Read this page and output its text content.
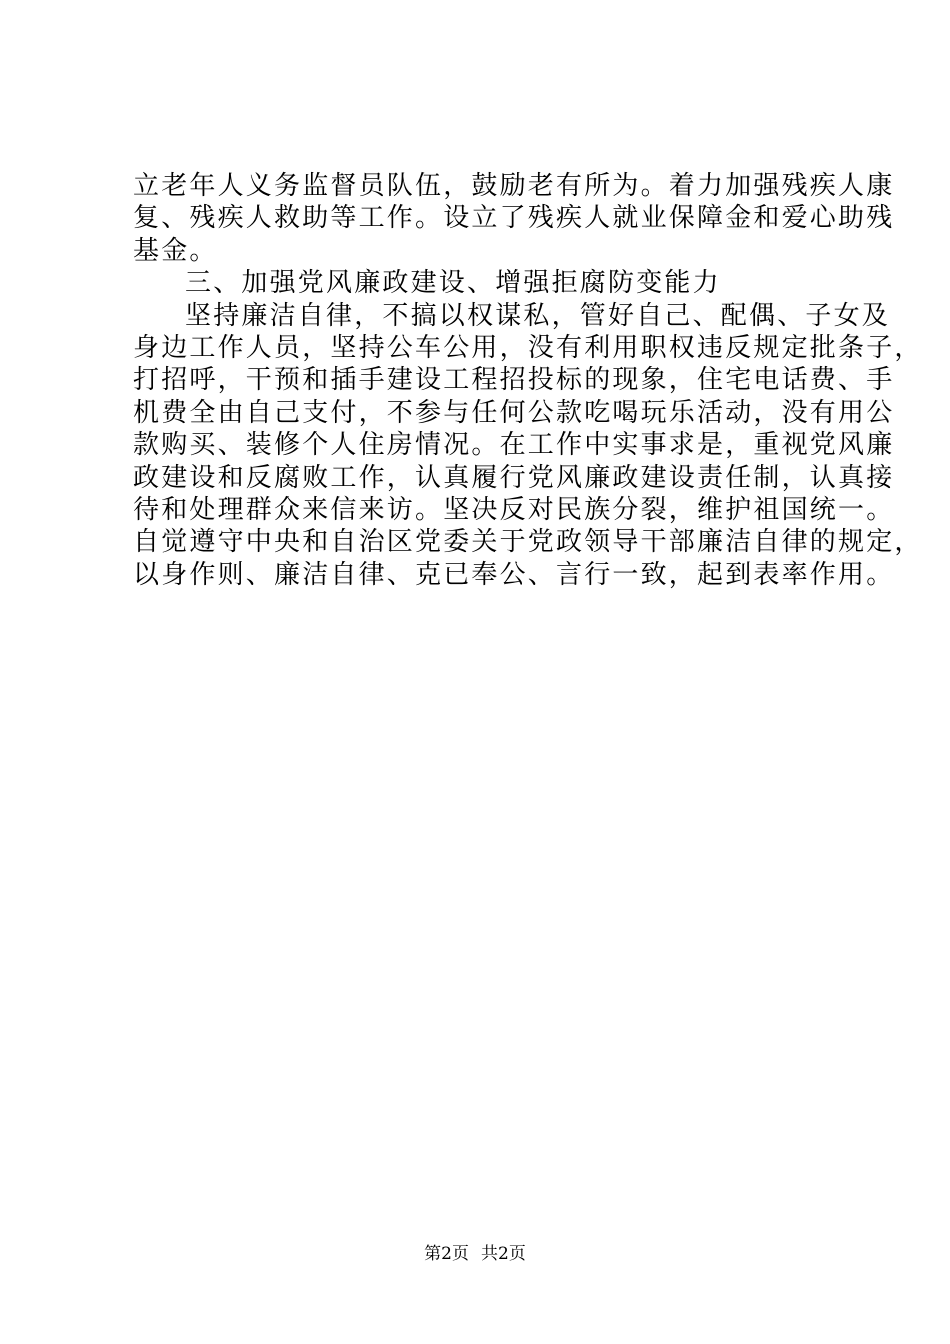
立老年人义务监督员队伍，鼓励老有所为。着力加强残疾人康
复、残疾人救助等工作。设立了残疾人就业保障金和爱心助残
基金。
三、加强党风廉政建设、增强拒腐防变能力
坚持廉洁自律，不搞以权谋私，管好自己、配偶、子女及
身边工作人员，坚持公车公用，没有利用职权违反规定批条子，
打招呼，干预和插手建设工程招投标的现象，住宅电话费、手
机费全由自己支付，不参与任何公款吃喝玩乐活动，没有用公
款购买、装修个人住房情况。在工作中实事求是，重视党风廉
政建设和反腐败工作，认真履行党风廉政建设责任制，认真接
待和处理群众来信来访。坚决反对民族分裂，维护祖国统一。
自觉遵守中央和自治区党委关于党政领导干部廉洁自律的规定，
以身作则、廉洁自律、克已奉公、言行一致，起到表率作用。
第2页 共2页
